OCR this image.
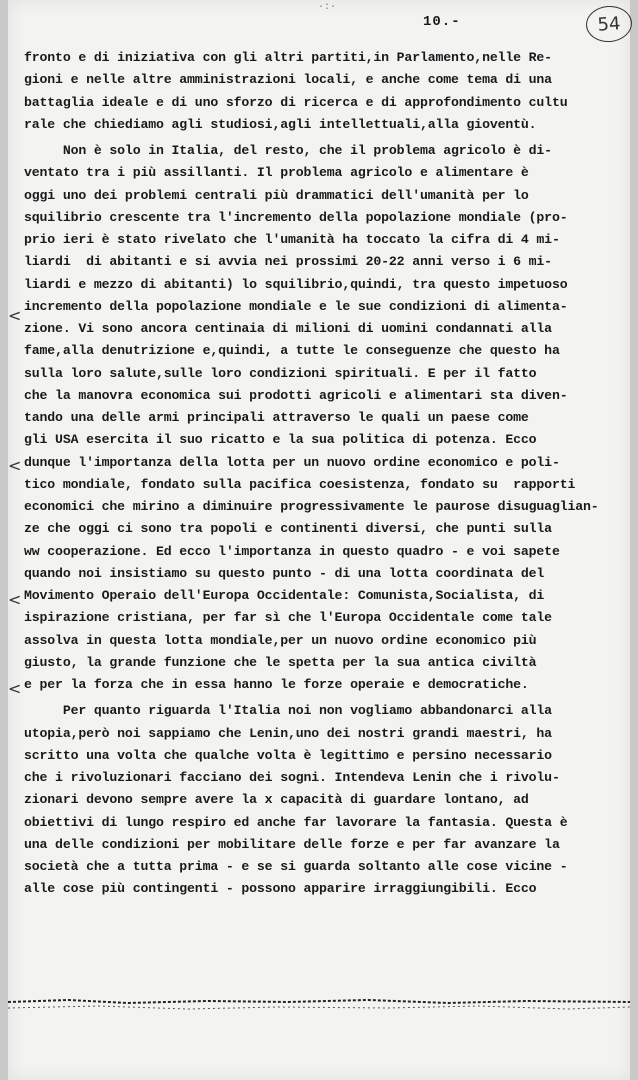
·:·
10.-	54
fronto e di iniziativa con gli altri partiti,in Parlamento,nelle Re-
gioni e nelle altre amministrazioni locali, e anche come tema di una
battaglia ideale e di uno sforzo di ricerca e di approfondimento cultu
rale che chiediamo agli studiosi,agli intellettuali,alla gioventù.
Non è solo in Italia, del resto, che il problema agricolo è di-
ventato tra i più assillanti. Il problema agricolo e alimentare è
oggi uno dei problemi centrali più drammatici dell'umanità per lo
squilibrio crescente tra l'incremento della popolazione mondiale (pro-
prio ieri è stato rivelato che l'umanità ha toccato la cifra di 4 mi-
liardi  di abitanti e si avvia nei prossimi 20-22 anni verso i 6 mi-
liardi e mezzo di abitanti) lo squilibrio,quindi, tra questo impetuoso
incremento della popolazione mondiale e le sue condizioni di alimenta-
zione. Vi sono ancora centinaia di milioni di uomini condannati alla
fame,alla denutrizione e,quindi, a tutte le conseguenze che questo ha
sulla loro salute,sulle loro condizioni spirituali. E per il fatto
che la manovra economica sui prodotti agricoli e alimentari sta diven-
tando una delle armi principali attraverso le quali un paese come
gli USA esercita il suo ricatto e la sua politica di potenza. Ecco
dunque l'importanza della lotta per un nuovo ordine economico e poli-
tico mondiale, fondato sulla pacifica coesistenza, fondato su  rapporti
economici che mirino a diminuire progressivamente le paurose disuguaglian-
ze che oggi ci sono tra popoli e continenti diversi, che punti sulla
ww cooperazione. Ed ecco l'importanza in questo quadro - e voi sapete
quando noi insistiamo su questo punto - di una lotta coordinata del
Movimento Operaio dell'Europa Occidentale: Comunista,Socialista, di
ispirazione cristiana, per far sì che l'Europa Occidentale come tale
assolva in questa lotta mondiale,per un nuovo ordine economico più
giusto, la grande funzione che le spetta per la sua antica civiltà
e per la forza che in essa hanno le forze operaie e democratiche.
Per quanto riguarda l'Italia noi non vogliamo abbandonarci alla
utopia,però noi sappiamo che Lenin,uno dei nostri grandi maestri, ha
scritto una volta che qualche volta è legittimo e persino necessario
che i rivoluzionari facciano dei sogni. Intendeva Lenin che i rivolu-
zionari devono sempre avere la x capacità di guardare lontano, ad
obiettivi di lungo respiro ed anche far lavorare la fantasia. Questa è
una delle condizioni per mobilitare delle forze e per far avanzare la
società che a tutta prima - e se si guarda soltanto alle cose vicine -
alle cose più contingenti - possono apparire irraggiungibili. Ecco
<
<
<
<
